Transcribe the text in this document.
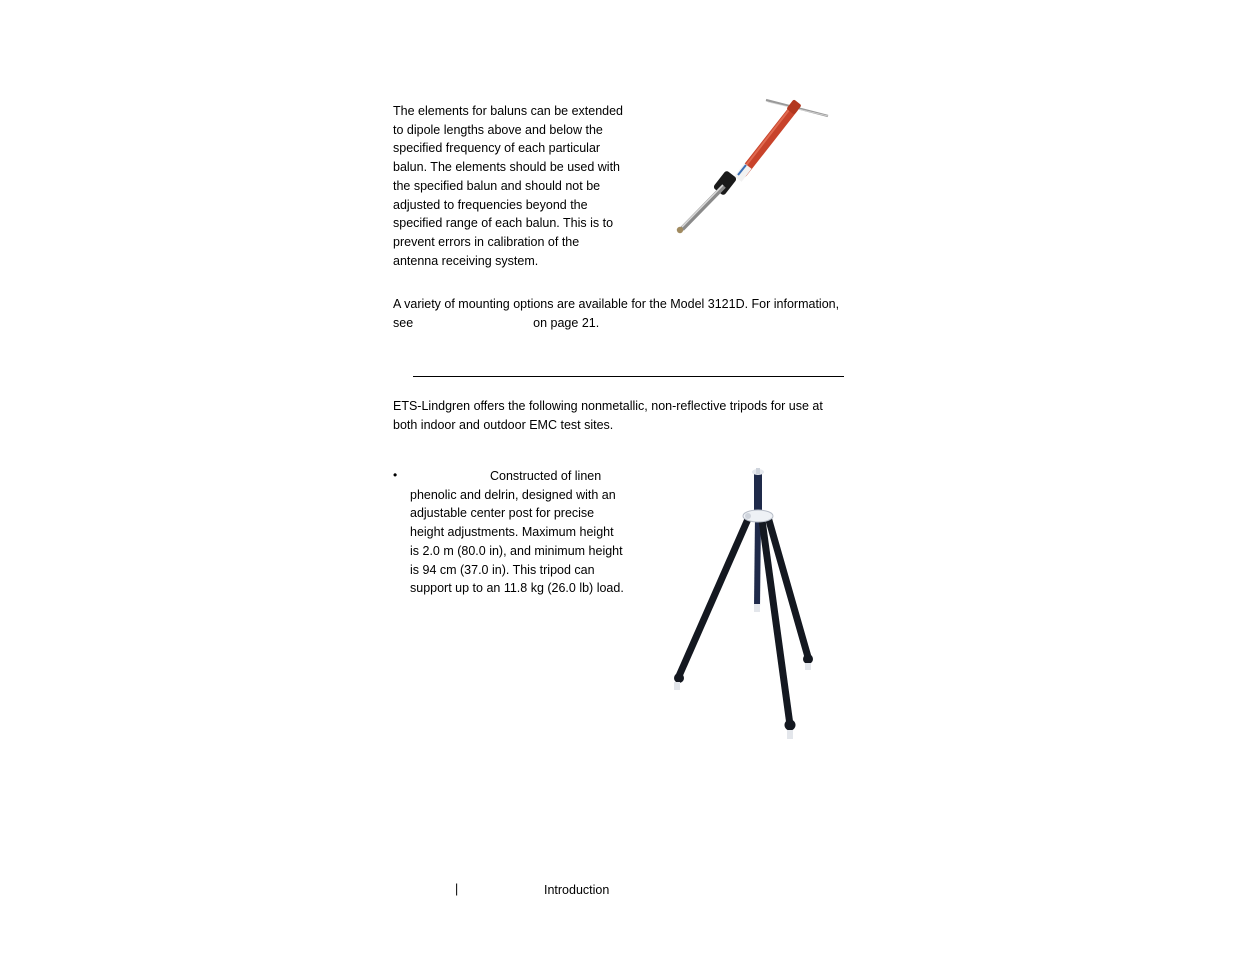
The elements for baluns can be extended to dipole lengths above and below the specified frequency of each particular balun. The elements should be used with the specified balun and should not be adjusted to frequencies beyond the specified range of each balun. This is to prevent errors in calibration of the antenna receiving system.
A variety of mounting options are available for the Model 3121D. For information, see	on page 21.
ETS-Lindgren offers the following nonmetallic, non-reflective tripods for use at both indoor and outdoor EMC test sites.
•	Constructed of linen phenolic and delrin, designed with an adjustable center post for precise height adjustments. Maximum height is 2.0 m (80.0 in), and minimum height is 94 cm (37.0 in). This tripod can support up to an 11.8 kg (26.0 lb) load.
|	Introduction
